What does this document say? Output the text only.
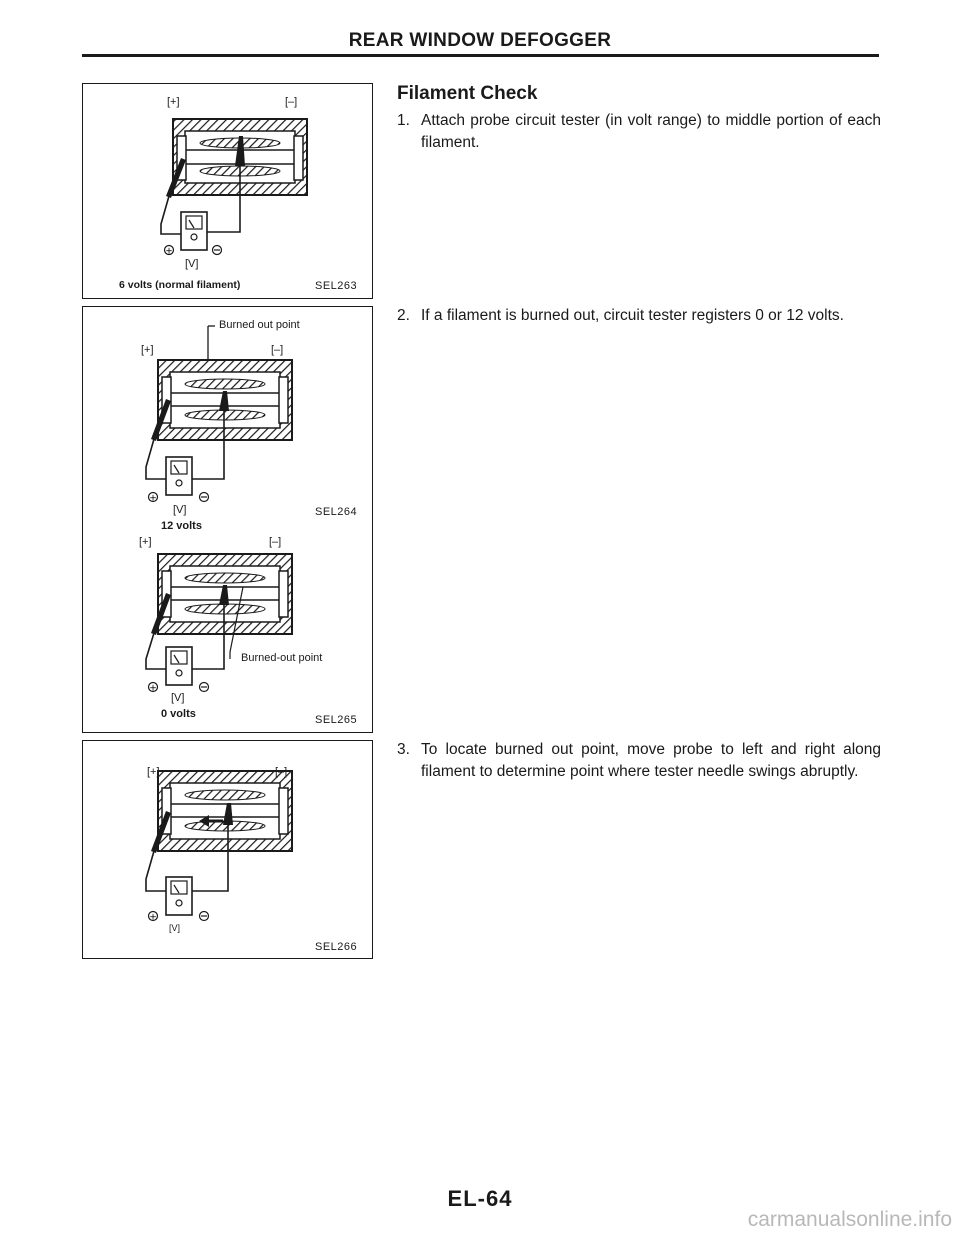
REAR WINDOW DEFOGGER
+
[+]	[–]
[V]
6 volts (normal filament)	SEL263
+
+
Burned out point
[+]	[–]
[V]	SEL264
12 volts
[+]	[–]
Burned-out point
[V]
0 volts	SEL265
+
[+]	[–]
[V]
SEL266
Filament Check
1. Attach probe circuit tester (in volt range) to middle portion of each filament.
2. If a filament is burned out, circuit tester registers 0 or 12 volts.
3. To locate burned out point, move probe to left and right along filament to determine point where tester needle swings abruptly.
EL-64
carmanualsonline.info
